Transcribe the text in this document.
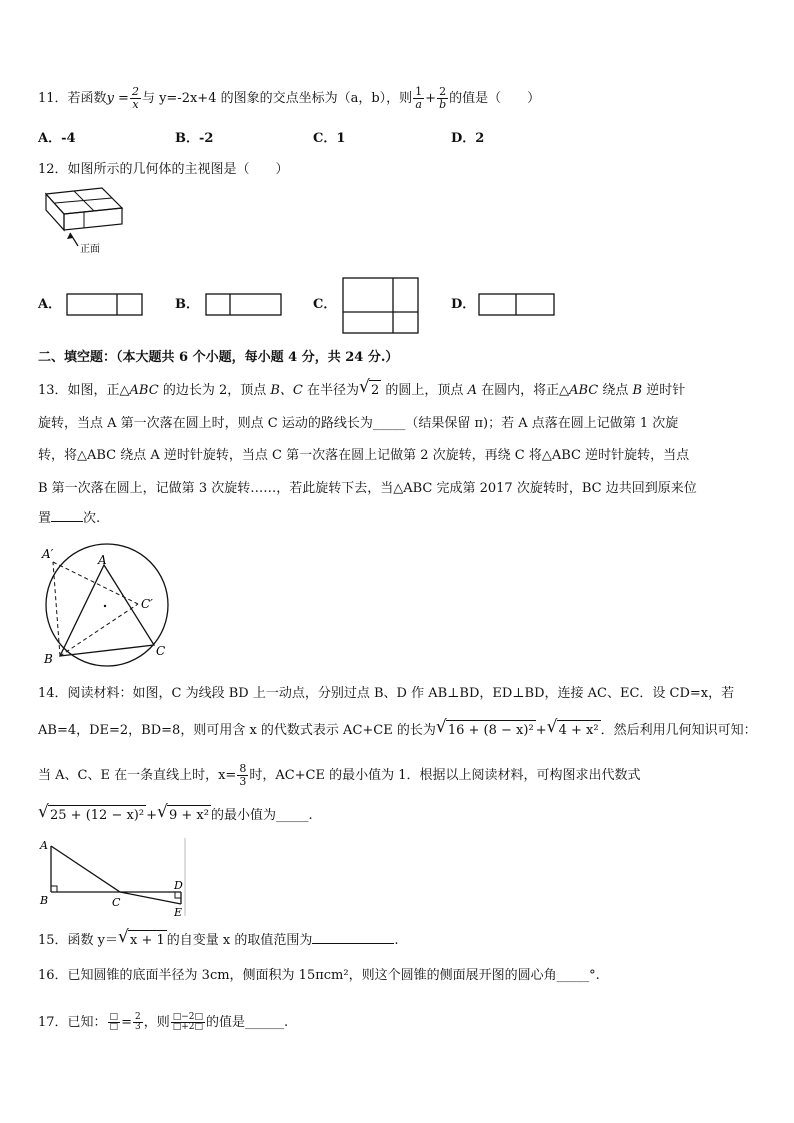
11．若函数$y = \frac{2}{x}$ 与 y=-2x+4 的图象的交点坐标为（a，b），则 $\frac{1}{a} + \frac{2}{b}$ 的值是（　　）
A．-4	B．-2	C．1	D．2
12．如图所示的几何体的主视图是（　　）
正面
A．	B．	C．	D．
二、填空题：（本大题共 6 个小题，每小题 4 分，共 24 分.）
13．如图，正△ABC 的边长为 2，顶点 B、C 在半径为 √ 2 的圆上，顶点 A 在圆内，将正△ABC 绕点 B 逆时针
旋转，当点 A 第一次落在圆上时，则点 C 运动的路线长为_____（结果保留 π)；若 A 点落在圆上记做第 1 次旋
转，将△ABC 绕点 A 逆时针旋转，当点 C 第一次落在圆上记做第 2 次旋转，再绕 C 将△ABC 逆时针旋转，当点
B 第一次落在圆上，记做第 3 次旋转……，若此旋转下去，当△ABC 完成第 2017 次旋转时，BC 边共回到原来位
置 次.
A′	A
C′
B
C
14．阅读材料：如图，C 为线段 BD 上一动点，分别过点 B、D 作 AB⊥BD，ED⊥BD，连接 AC、EC．设 CD=x，若
AB=4，DE=2，BD=8，则可用含 x 的代数式表示 AC+CE 的长为 √ 16 + (8 − x)² + √ 4 + x² ．然后利用几何知识可知：
当 A、C、E 在一条直线上时，$x= \frac{8}{3}$ 时，AC+CE 的最小值为 1．根据以上阅读材料，可构图求出代数式
√ 25 + (12 − x)² + √ 9 + x² 的最小值为_____.
A
B	C
D
E
15．函数 y＝ √ x + 1 的自变量 x 的取值范围为	.
16．已知圆锥的底面半径为 3cm，侧面积为 15πcm²，则这个圆锥的侧面展开图的圆心角_____°.
17．已知： $\frac{□}{□} = \frac{2}{3}$ ，则 $\frac{□-2□}{□+2□}$ 的值是______.
